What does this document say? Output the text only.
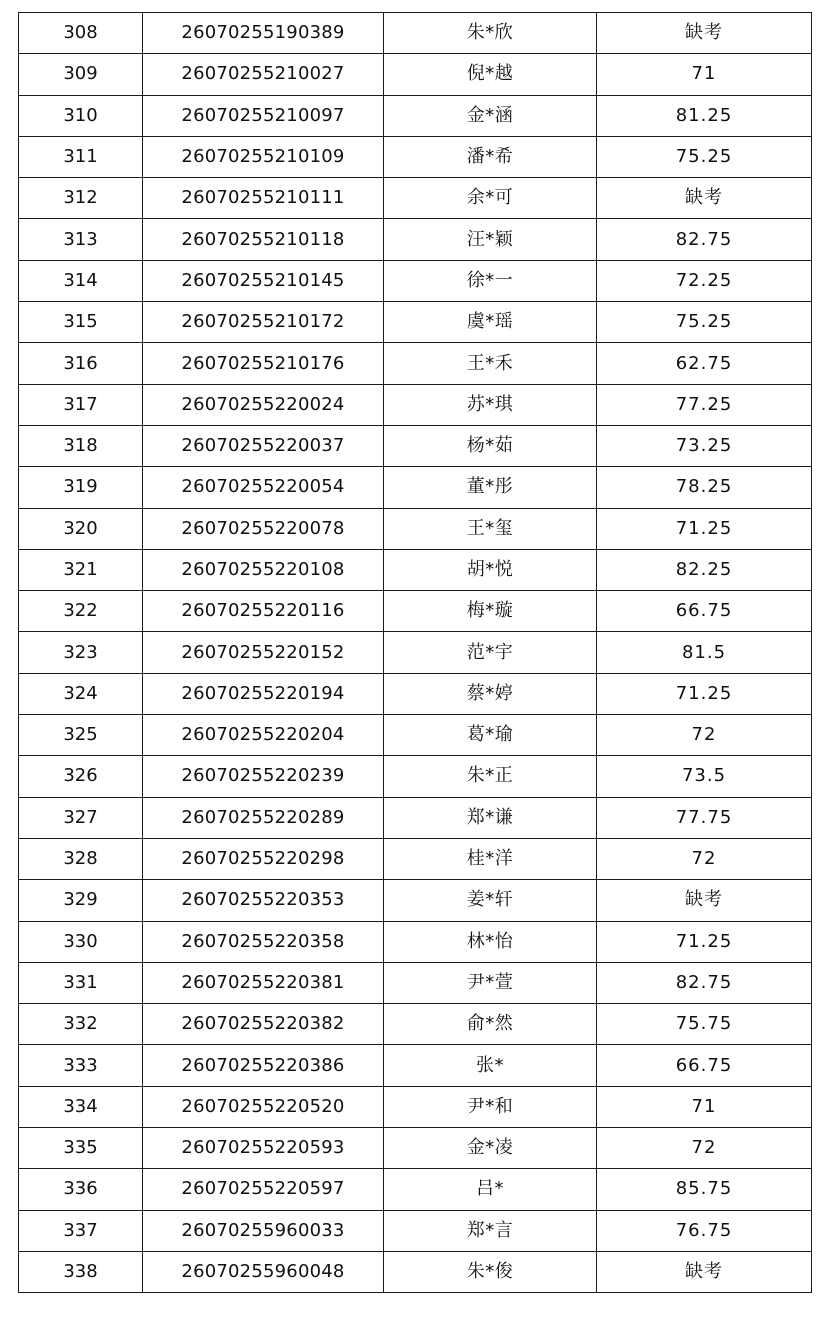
308	26070255190389	朱*欣	缺考
309	26070255210027	倪*越	71
310	26070255210097	金*涵	81.25
311	26070255210109	潘*希	75.25
312	26070255210111	余*可	缺考
313	26070255210118	汪*颖	82.75
314	26070255210145	徐*一	72.25
315	26070255210172	虞*瑶	75.25
316	26070255210176	王*禾	62.75
317	26070255220024	苏*琪	77.25
318	26070255220037	杨*茹	73.25
319	26070255220054	董*彤	78.25
320	26070255220078	王*玺	71.25
321	26070255220108	胡*悦	82.25
322	26070255220116	梅*璇	66.75
323	26070255220152	范*宇	81.5
324	26070255220194	蔡*婷	71.25
325	26070255220204	葛*瑜	72
326	26070255220239	朱*正	73.5
327	26070255220289	郑*谦	77.75
328	26070255220298	桂*洋	72
329	26070255220353	姜*轩	缺考
330	26070255220358	林*怡	71.25
331	26070255220381	尹*萱	82.75
332	26070255220382	俞*然	75.75
333	26070255220386	张*	66.75
334	26070255220520	尹*和	71
335	26070255220593	金*凌	72
336	26070255220597	吕*	85.75
337	26070255960033	郑*言	76.75
338	26070255960048	朱*俊	缺考
